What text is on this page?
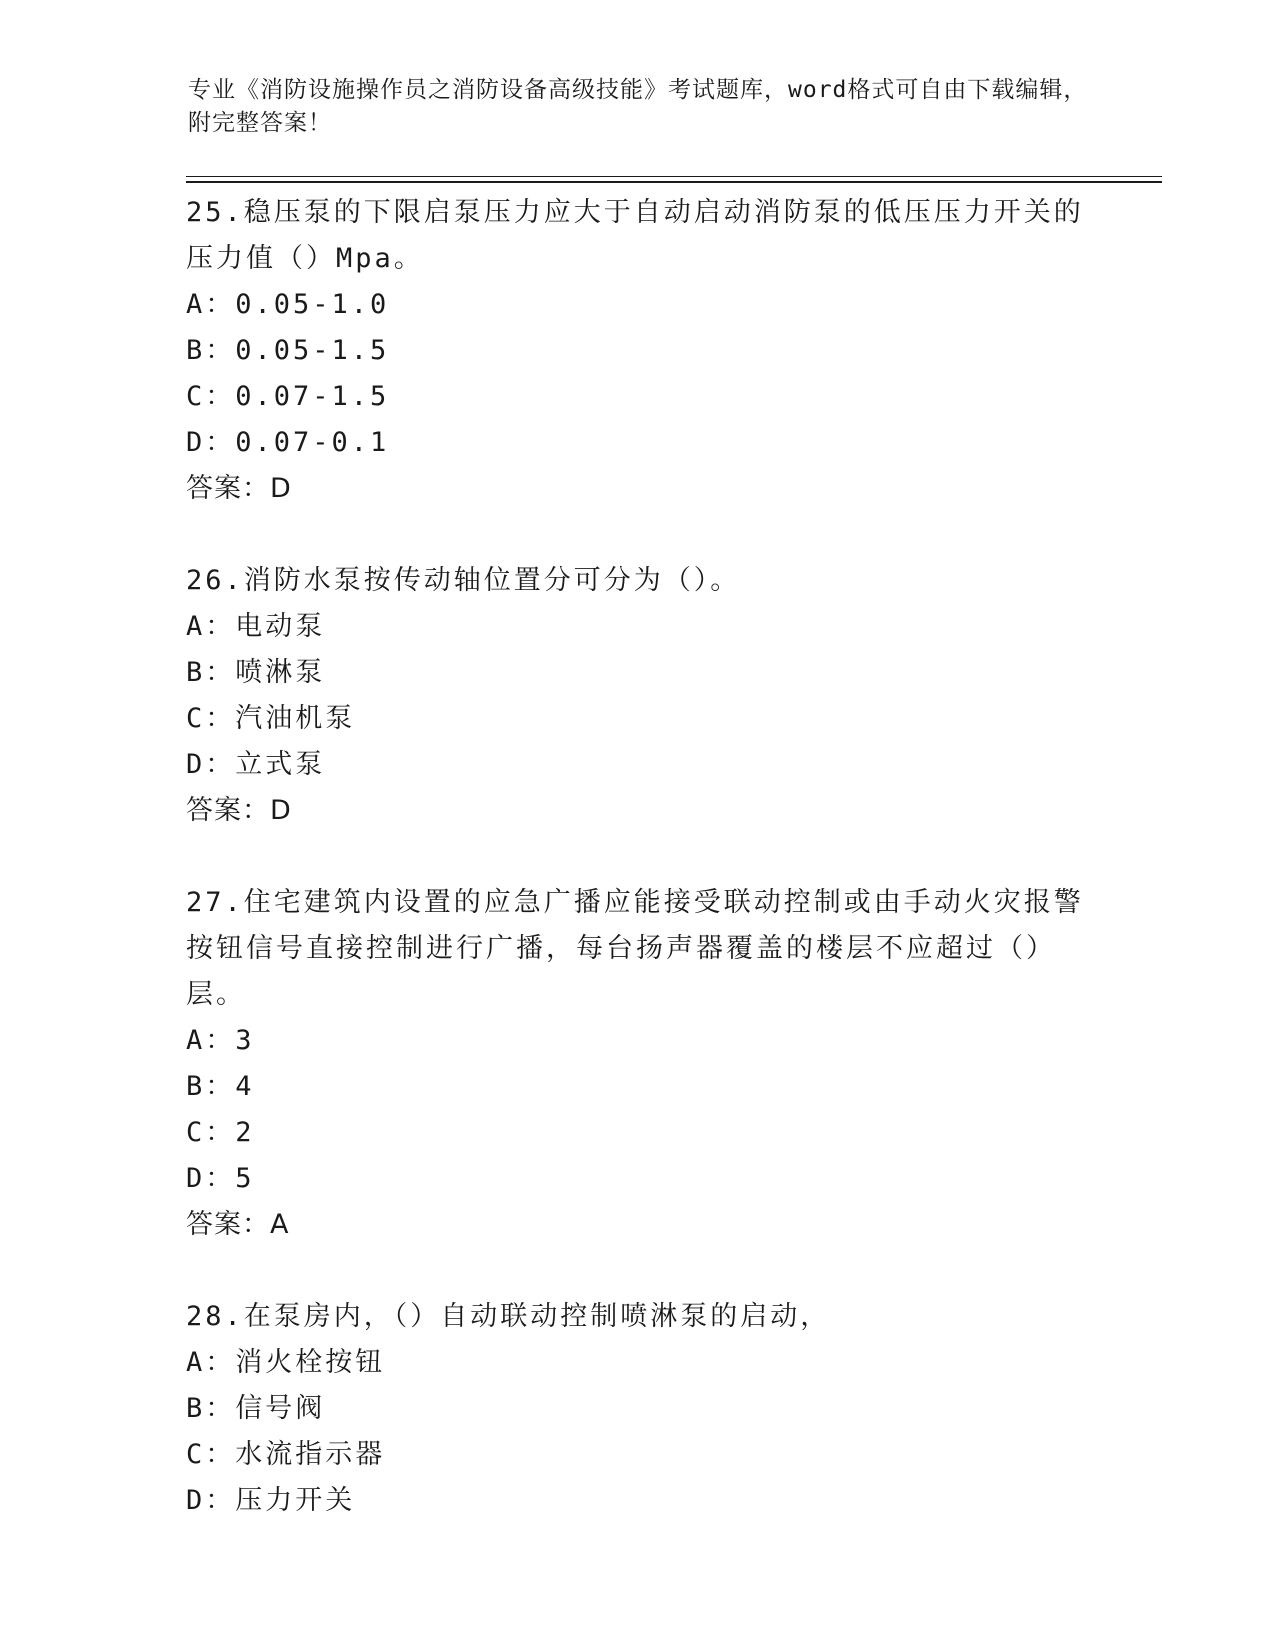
专业《消防设施操作员之消防设备高级技能》考试题库，word格式可自由下载编辑，附完整答案！
25.稳压泵的下限启泵压力应大于自动启动消防泵的低压压力开关的压力值（）Mpa。
A：0.05-1.0
B：0.05-1.5
C：0.07-1.5
D：0.07-0.1
答案：D
26.消防水泵按传动轴位置分可分为（）。
A：电动泵
B：喷淋泵
C：汽油机泵
D：立式泵
答案：D
27.住宅建筑内设置的应急广播应能接受联动控制或由手动火灾报警按钮信号直接控制进行广播，每台扬声器覆盖的楼层不应超过（）层。
A：3
B：4
C：2
D：5
答案：A
28.在泵房内，（）自动联动控制喷淋泵的启动，
A：消火栓按钮
B：信号阀
C：水流指示器
D：压力开关
